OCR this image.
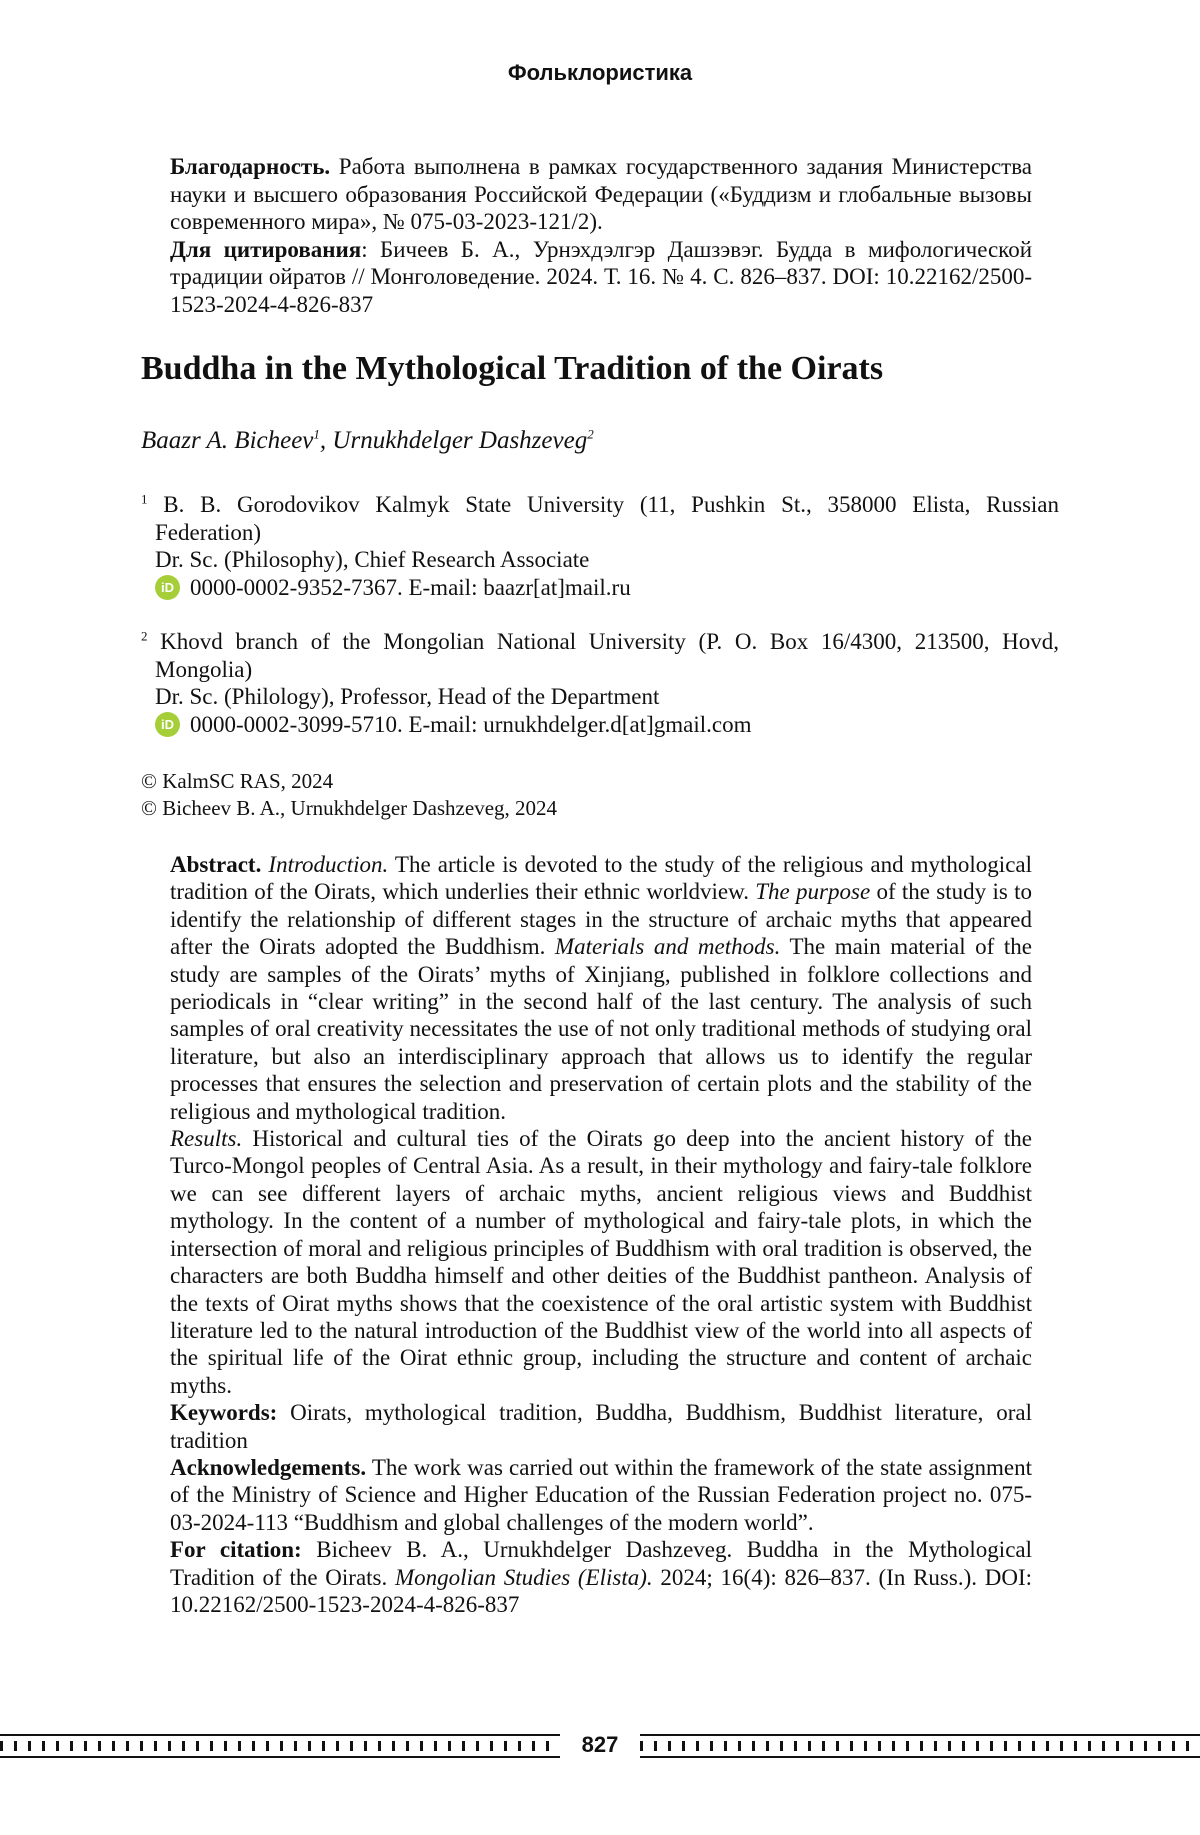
Фольклористика

Благодарность. Работа выполнена в рамках государственного задания Министерства науки и высшего образования Российской Федерации («Буддизм и глобальные вызовы современного мира», № 075-03-2023-121/2).

Для цитирования: Бичеев Б. А., Урнэхдэлгэр Дашзэвэг. Будда в мифологической традиции ойратов // Монголоведение. 2024. Т. 16. № 4. С. 826–837. DOI: 10.22162/2500-1523-2024-4-826-837

Buddha in the Mythological Tradition of the Oirats
Baazr A. Bicheev1, Urnukhdelger Dashzeveg2
1 B. B. Gorodovikov Kalmyk State University (11, Pushkin St., 358000 Elista, Russian
Federation)
Dr. Sc. (Philosophy), Chief Research Associate
iD 0000-0002-9352-7367. E-mail: baazr[at]mail.ru
2 Khovd branch of the Mongolian National University (P. O. Box 16/4300, 213500, Hovd,
Mongolia)
Dr. Sc. (Philology), Professor, Head of the Department
iD 0000-0002-3099-5710. E-mail: urnukhdelger.d[at]gmail.com
© KalmSC RAS, 2024
© Bicheev B. A., Urnukhdelger Dashzeveg, 2024

Abstract. Introduction. The article is devoted to the study of the religious and mythological tradition of the Oirats, which underlies their ethnic worldview. The purpose of the study is to identify the relationship of different stages in the structure of archaic myths that appeared after the Oirats adopted the Buddhism. Materials and methods. The main material of the study are samples of the Oirats’ myths of Xinjiang, published in folklore collections and periodicals in “clear writing” in the second half of the last century. The analysis of such samples of oral creativity necessitates the use of not only traditional methods of studying oral literature, but also an interdisciplinary approach that allows us to identify the regular processes that ensures the selection and preservation of certain plots and the stability of the religious and mythological tradition.

Results. Historical and cultural ties of the Oirats go deep into the ancient history of the Turco-Mongol peoples of Central Asia. As a result, in their mythology and fairy-tale folklore we can see different layers of archaic myths, ancient religious views and Buddhist mythology. In the content of a number of mythological and fairy-tale plots, in which the intersection of moral and religious principles of Buddhism with oral tradition is observed, the characters are both Buddha himself and other deities of the Buddhist pantheon. Analysis of the texts of Oirat myths shows that the coexistence of the oral artistic system with Buddhist literature led to the natural introduction of the Buddhist view of the world into all aspects of the spiritual life of the Oirat ethnic group, including the structure and content of archaic myths.

Keywords: Oirats, mythological tradition, Buddha, Buddhism, Buddhist literature, oral tradition

Acknowledgements. The work was carried out within the framework of the state assignment of the Ministry of Science and Higher Education of the Russian Federation project no. 075-03-2024-113 “Buddhism and global challenges of the modern world”.

For citation: Bicheev B. A., Urnukhdelger Dashzeveg. Buddha in the Mythological Tradition of the Oirats. Mongolian Studies (Elista). 2024; 16(4): 826–837. (In Russ.). DOI: 10.22162/2500-1523-2024-4-826-837

827
